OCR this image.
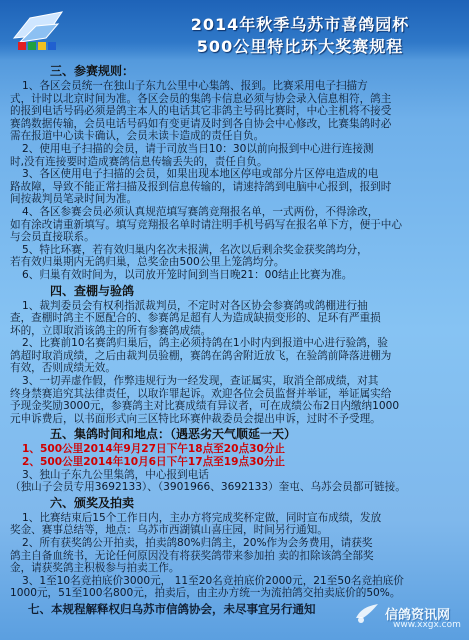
2014年秋季乌苏市喜鸽园杯
500公里特比环大奖赛规程
三、参赛规则：
1、各区会员统一在独山子东九公里中心集鸽、报到。比赛采用电子扫描方
式，计时以北京时间为准。各区会员的集鸽卡信息必须与协会录入信息相符，鸽主
的报到电话号码必须是鸽主本人的电话其它非鸽主号码比赛时，中心主机将不接受
赛鸽数据传输，会员电话号码如有变更请及时到各自协会中心修改，比赛集鸽时必
需在报道中心读卡确认，会员未读卡造成的责任自负。
2、使用电子扫描的会员，请于司放当日10：30以前向报到中心进行连接测
时,没有连接要时造成赛鸽信息传输丢失的，责任自负。
3、各区使用电子扫描的会员，如果出现本地区停电或部分片区停电造成的电
路故障，导致不能正常扫描及报到信息传输的，请速持鸽到电脑中心报到，报到时
间按裁判员笔录时间为准。
4、各区参赛会员必须认真规范填写赛鸽竞翔报名单，一式两份，不得涂改，
如有涂改请重新填写。填写竞翔报名单时请注明手机号码写在报名单下方，便于中心
与会员直接联系。
5、特比环赛，若有效归巢内名次未报满，名次以后剩余奖金获奖鸽均分，
若有效归巢期内无鸽归巢，总奖金由500公里上笼鸽均分。
6、归巢有效时间为，以司放开笼时间到当日晚21：00结止比赛为准。
四、查棚与验鸽
1、裁判委员会有权利指派裁判员，不定时对各区协会参赛鸽或鸽棚进行抽
查，查棚时鸽主不愿配合的、参赛鸽足超有人为造成缺损变形的、足环有严重损
坏的，立即取消该鸽主的所有参赛鸽成绩。
2、比赛前10名赛鸽归巢后，鸽主必须持鸽在1小时内到报道中心进行验鸽，验
鸽超时取消成绩，之后由裁判员验棚，赛鸽在鸽舍附近放飞，在验鸽前降落进棚为
有效，否则成绩无效。
3、一切弄虚作假，作弊违规行为一经发现，查证属实，取消全部成绩，对其
终身禁赛追究其法律责任，以取诈罪起诉。欢迎各位会员监督并举证，举证属实给
予现金奖励3000元，参赛鸽主对比赛成绩有异议者，可在成绩公布2日内缴纳1000
元申诉费后，以书面形式向三区特比环赛仲裁委员会提出申诉，过时不予受理。
五、集鸽时间和地点：（遇恶劣天气顺延一天）
1、500公里2014年9月27日下午18点至20点30分止
2、500公里2014年10月6日下午17点至19点30分止
3、独山子东九公里集鸽，中心报到电话
（独山子会员专用3692133）、（3901966、3692133）奎屯、乌苏会员都可链接。
六、颁奖及拍卖
1、比赛结束后15个工作日内，主办方将完成奖杯定做，同时宣布成绩，发放
奖金、赛事总结等，地点：乌苏市西湖镇山喜庄园，时间另行通知。
2、所有获奖鸽公开拍卖，拍卖鸽80%归鸽主，20%作为会务费用，请获奖
鸽主自备血统书，无论任何原因没有将获奖鸽带来参加拍 卖的扣除该鸽全部奖
金，请获奖鸽主积极参与拍卖工作。
3、1至10名竞拍底价3000元， 11至20名竞拍底价2000元，21至50名竞拍底价
1000元，51至100名800元，拍卖后，由主办方统一为流拍鸽交拍卖底价的50%。
七、本规程解释权归乌苏市信鸽协会，未尽事宜另行通知	信鸽资讯网
www.xxgx.com
